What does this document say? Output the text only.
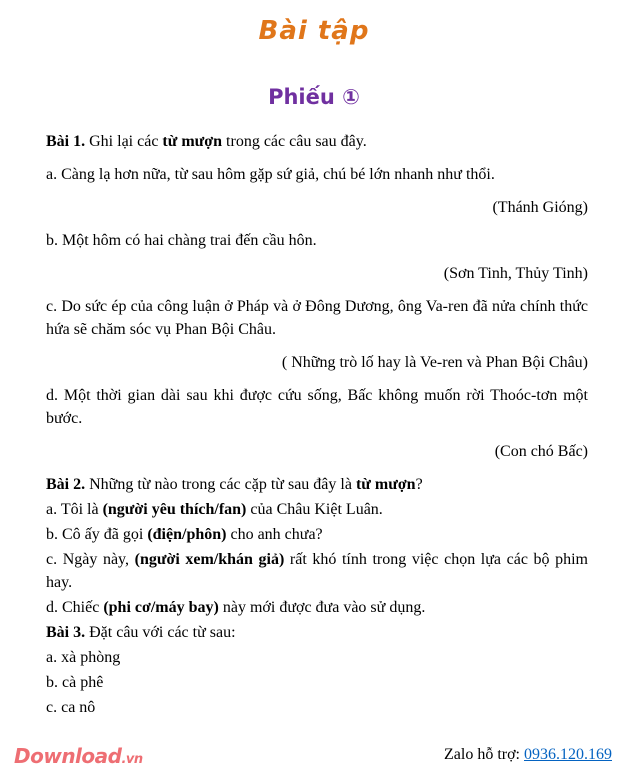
Bài tập
Phiếu ①

Bài 1. Ghi lại các từ mượn trong các câu sau đây.

a. Càng lạ hơn nữa, từ sau hôm gặp sứ giả, chú bé lớn nhanh như thổi.

(Thánh Gióng)

b. Một hôm có hai chàng trai đến cầu hôn.

(Sơn Tinh, Thủy Tinh)

c. Do sức ép của công luận ở Pháp và ở Đông Dương, ông Va-ren đã nửa chính thức hứa sẽ chăm sóc vụ Phan Bội Châu.

( Những trò lố hay là Ve-ren và Phan Bội Châu)

d. Một thời gian dài sau khi được cứu sống, Bấc không muốn rời Thoóc-tơn một bước.

(Con chó Bấc)

Bài 2. Những từ nào trong các cặp từ sau đây là từ mượn?

a. Tôi là (người yêu thích/fan) của Châu Kiệt Luân.

b. Cô ấy đã gọi (điện/phôn) cho anh chưa?

c. Ngày này, (người xem/khán giả) rất khó tính trong việc chọn lựa các bộ phim hay.

d. Chiếc (phi cơ/máy bay) này mới được đưa vào sử dụng.

Bài 3. Đặt câu với các từ sau:

a. xà phòng

b. cà phê

c. ca nô

Download.vn	Zalo hỗ trợ: 0936.120.169
